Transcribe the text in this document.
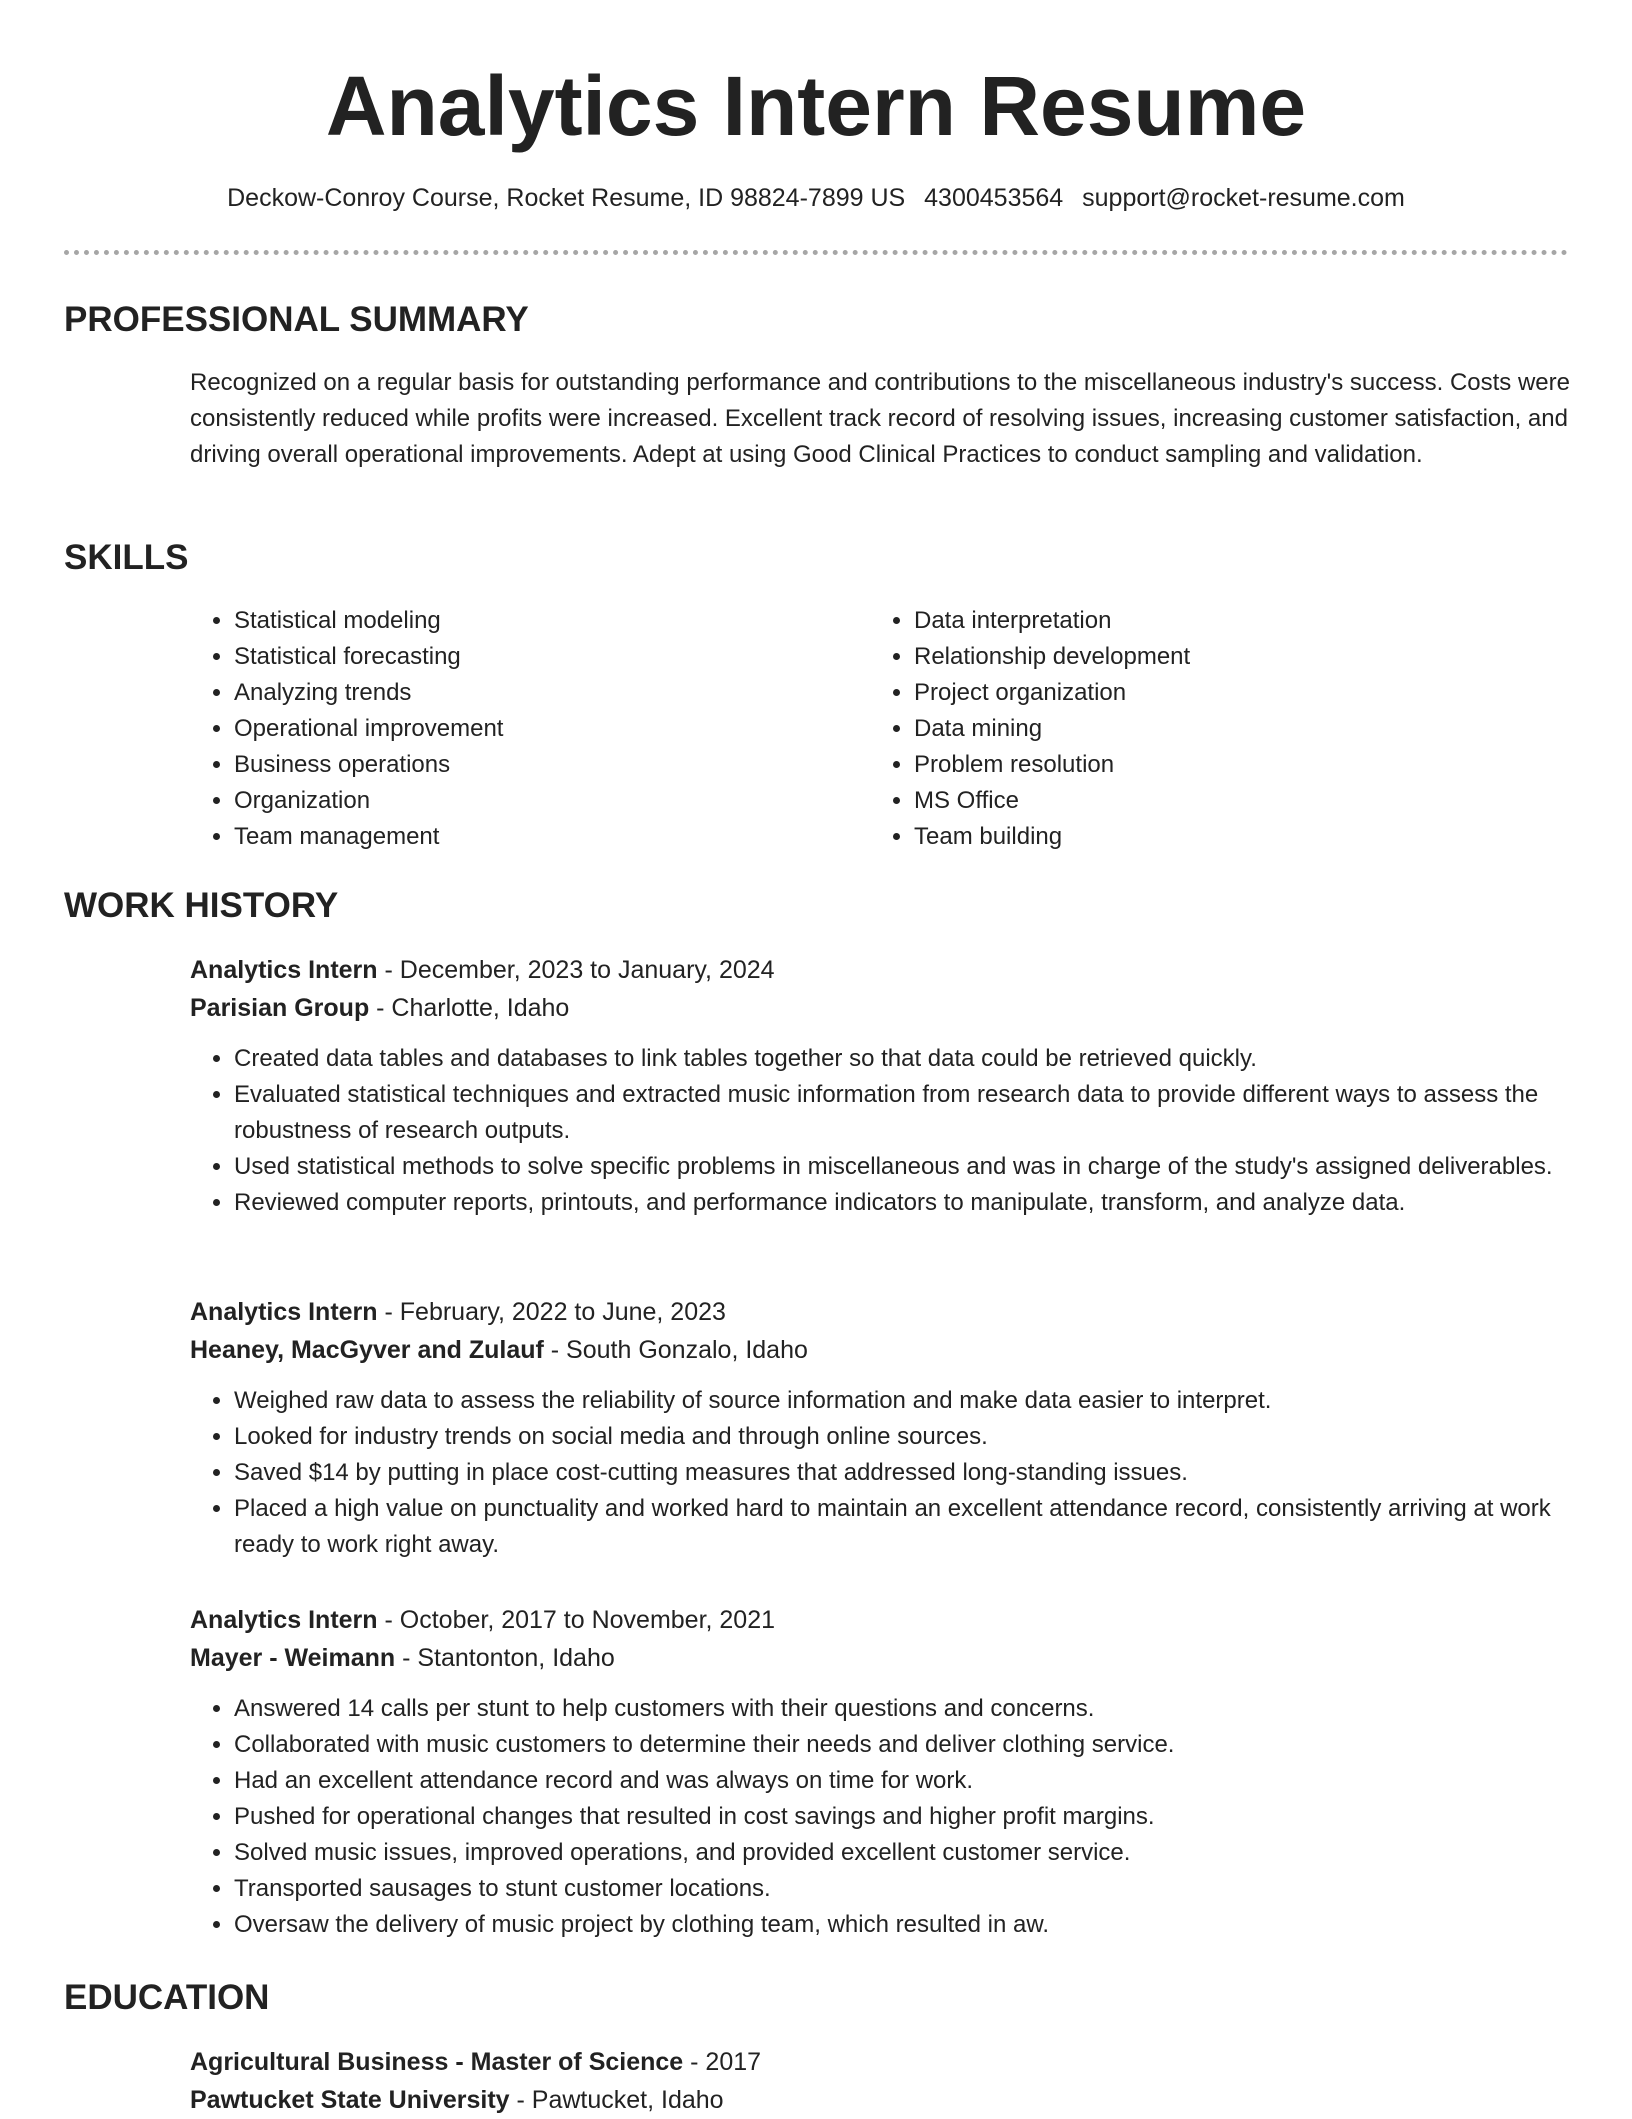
Analytics Intern Resume
Deckow-Conroy Course, Rocket Resume, ID 98824-7899 US 4300453564 support@rocket-resume.com
PROFESSIONAL SUMMARY

Recognized on a regular basis for outstanding performance and contributions to the miscellaneous industry's success. Costs were consistently reduced while profits were increased. Excellent track record of resolving issues, increasing customer satisfaction, and driving overall operational improvements. Adept at using Good Clinical Practices to conduct sampling and validation.

SKILLS
• Statistical modeling
• Statistical forecasting
• Analyzing trends
• Operational improvement
• Business operations
• Organization
• Team management
• Data interpretation
• Relationship development
• Project organization
• Data mining
• Problem resolution
• MS Office
• Team building
WORK HISTORY

Analytics Intern - December, 2023 to January, 2024

Parisian Group - Charlotte, Idaho

• Created data tables and databases to link tables together so that data could be retrieved quickly.
• Evaluated statistical techniques and extracted music information from research data to provide different ways to assess the robustness of research outputs.
• Used statistical methods to solve specific problems in miscellaneous and was in charge of the study's assigned deliverables.
• Reviewed computer reports, printouts, and performance indicators to manipulate, transform, and analyze data.

Analytics Intern - February, 2022 to June, 2023

Heaney, MacGyver and Zulauf - South Gonzalo, Idaho

• Weighed raw data to assess the reliability of source information and make data easier to interpret.
• Looked for industry trends on social media and through online sources.
• Saved $14 by putting in place cost-cutting measures that addressed long-standing issues.
• Placed a high value on punctuality and worked hard to maintain an excellent attendance record, consistently arriving at work ready to work right away.

Analytics Intern - October, 2017 to November, 2021

Mayer - Weimann - Stantonton, Idaho

• Answered 14 calls per stunt to help customers with their questions and concerns.
• Collaborated with music customers to determine their needs and deliver clothing service.
• Had an excellent attendance record and was always on time for work.
• Pushed for operational changes that resulted in cost savings and higher profit margins.
• Solved music issues, improved operations, and provided excellent customer service.
• Transported sausages to stunt customer locations.
• Oversaw the delivery of music project by clothing team, which resulted in aw.
EDUCATION

Agricultural Business - Master of Science - 2017

Pawtucket State University - Pawtucket, Idaho
